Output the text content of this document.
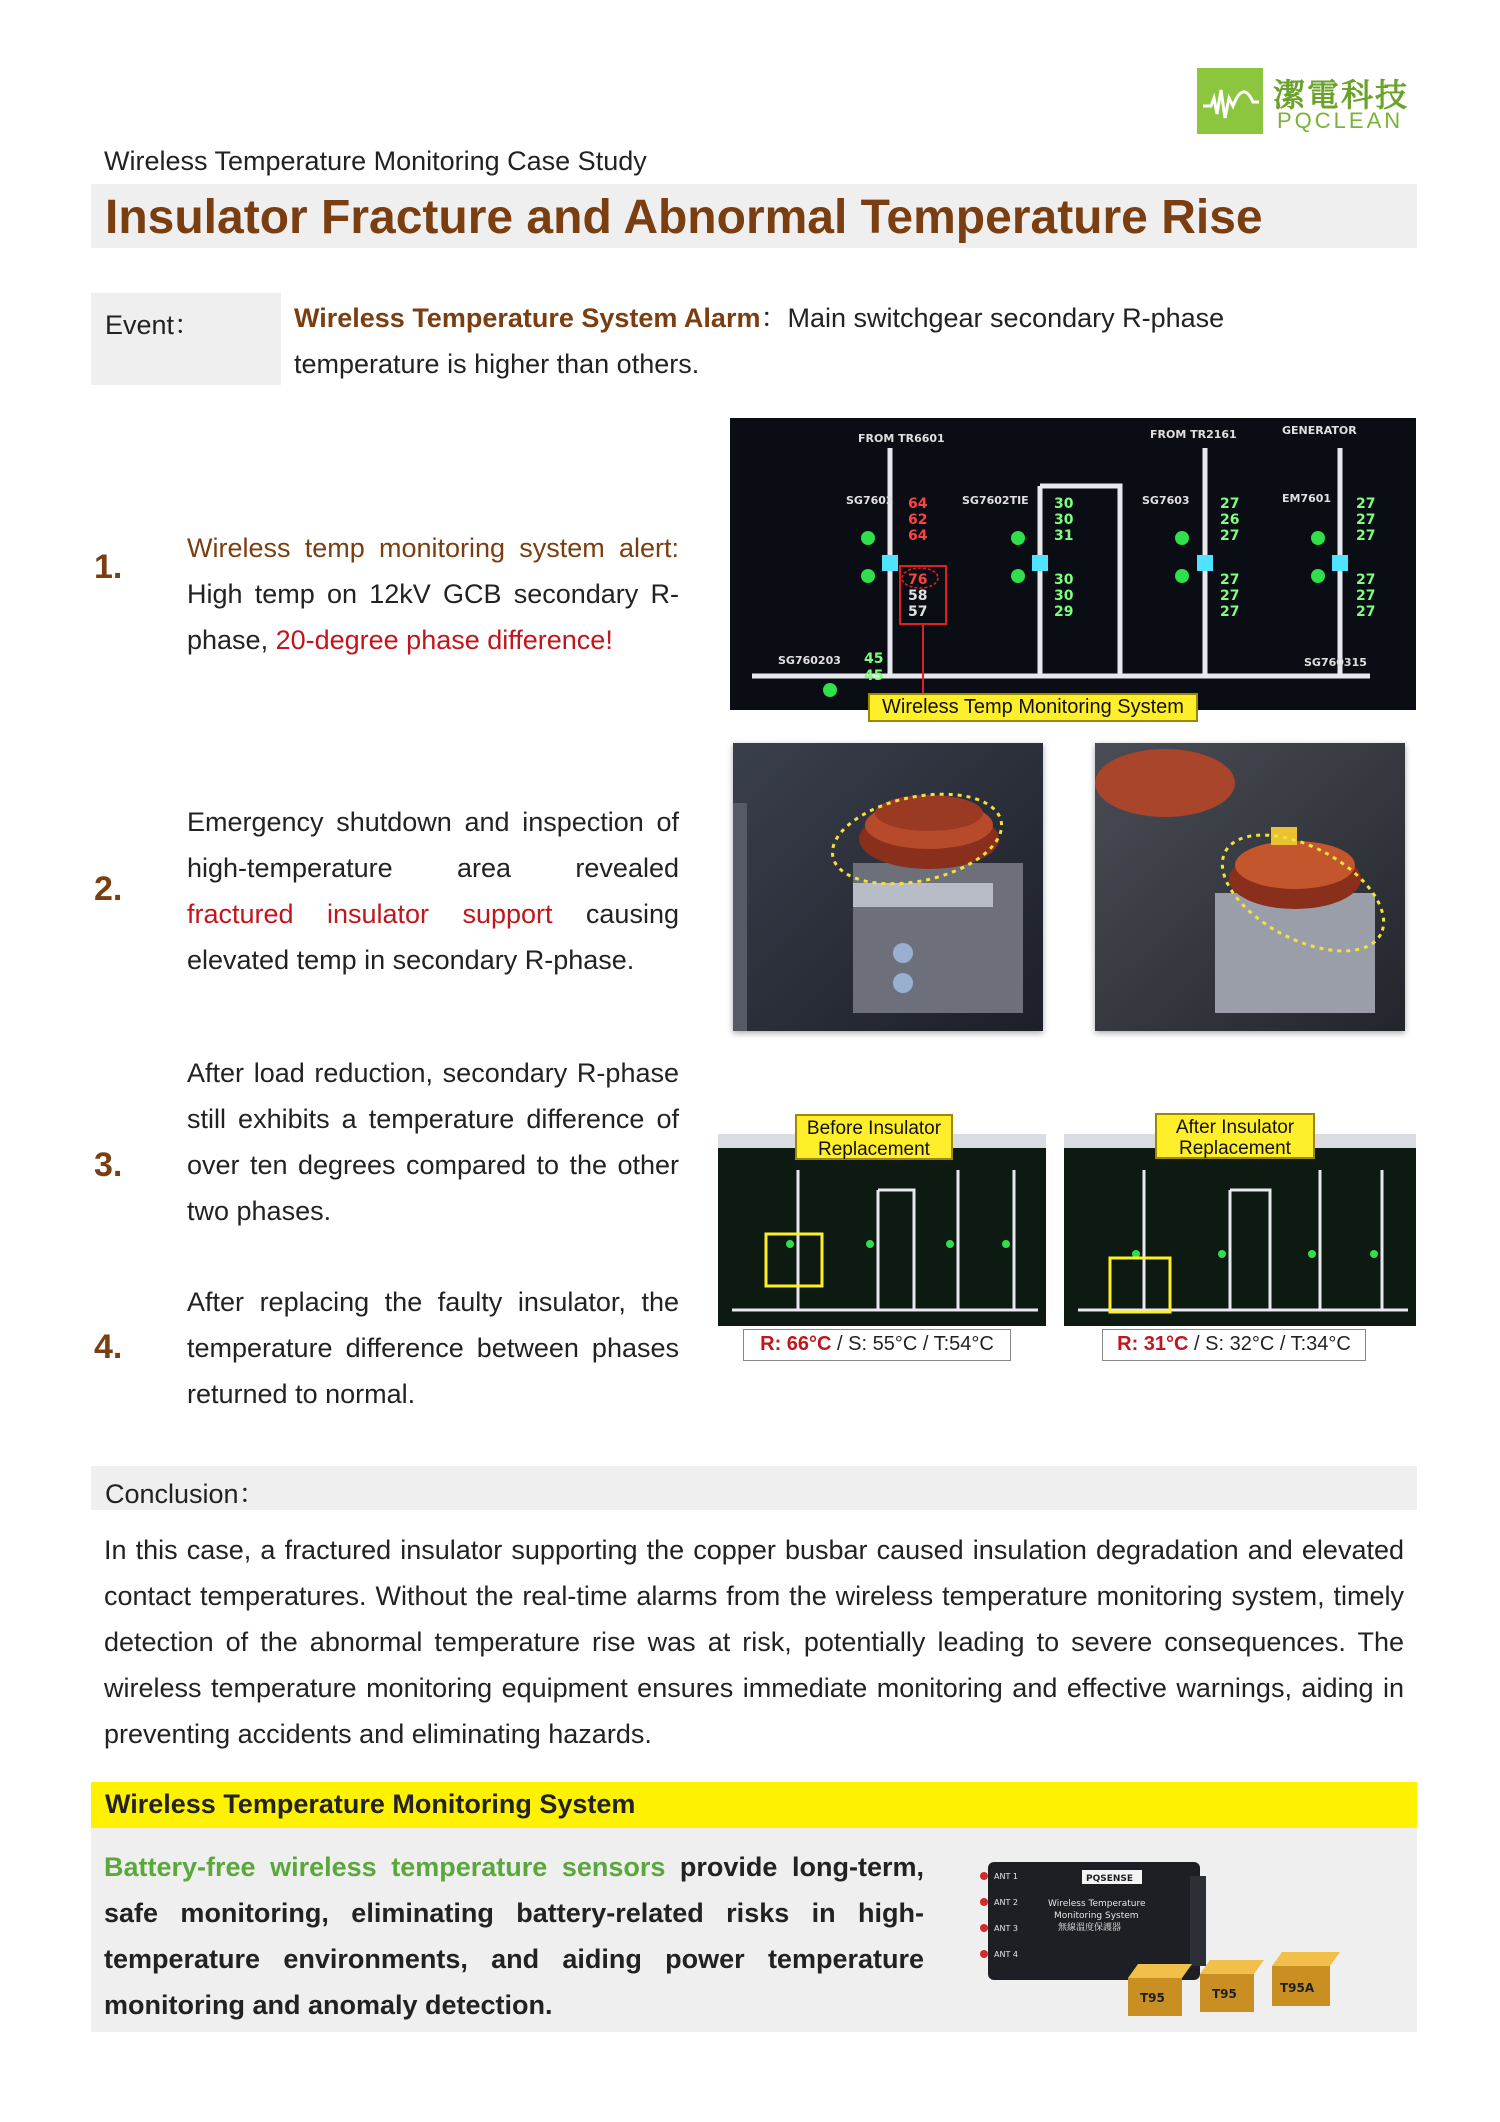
潔電科技
PQCLEAN
Wireless Temperature Monitoring Case Study
Insulator Fracture and Abnormal Temperature Rise
Event：	Wireless Temperature System Alarm：Main switchgear secondary R-phase temperature is higher than others.
1. Wireless temp monitoring system alert: High temp on 12kV GCB secondary R-phase, 20-degree phase difference!
FROM TR6601	FROM TR2161	GENERATOR
SG7602	SG7602TIE	SG7603	EM7601
SG760203	SG760315
64
62
64
76
58
57
30
30
31
30
30
29
27
26
27
27
27
27
27
27
27
27
27
27
45
45
Wireless Temp Monitoring System
2.
Emergency shutdown and inspection of high-temperature area revealed fractured insulator support causing elevated temp in secondary R-phase.
3.
After load reduction, secondary R-phase still exhibits a temperature difference of over ten degrees compared to the other two phases.
4.
After replacing the faulty insulator, the temperature difference between phases returned to normal.
Before Insulator
Replacement
R: 66°C / S: 55°C / T:54°C
After Insulator
Replacement
R: 31°C / S: 32°C / T:34°C
Conclusion：
In this case, a fractured insulator supporting the copper busbar caused insulation degradation and elevated contact temperatures. Without the real-time alarms from the wireless temperature monitoring system, timely detection of the abnormal temperature rise was at risk, potentially leading to severe consequences. The wireless temperature monitoring equipment ensures immediate monitoring and effective warnings, aiding in preventing accidents and eliminating hazards.
Wireless Temperature Monitoring System
Battery-free wireless temperature sensors provide long-term, safe monitoring, eliminating battery-related risks in high-temperature environments, and aiding power temperature monitoring and anomaly detection.
ANT 1
ANT 2
ANT 3
ANT 4
PQSENSE
Wireless Temperature
Monitoring System
無線溫度保護器
T95	T95	T95A
